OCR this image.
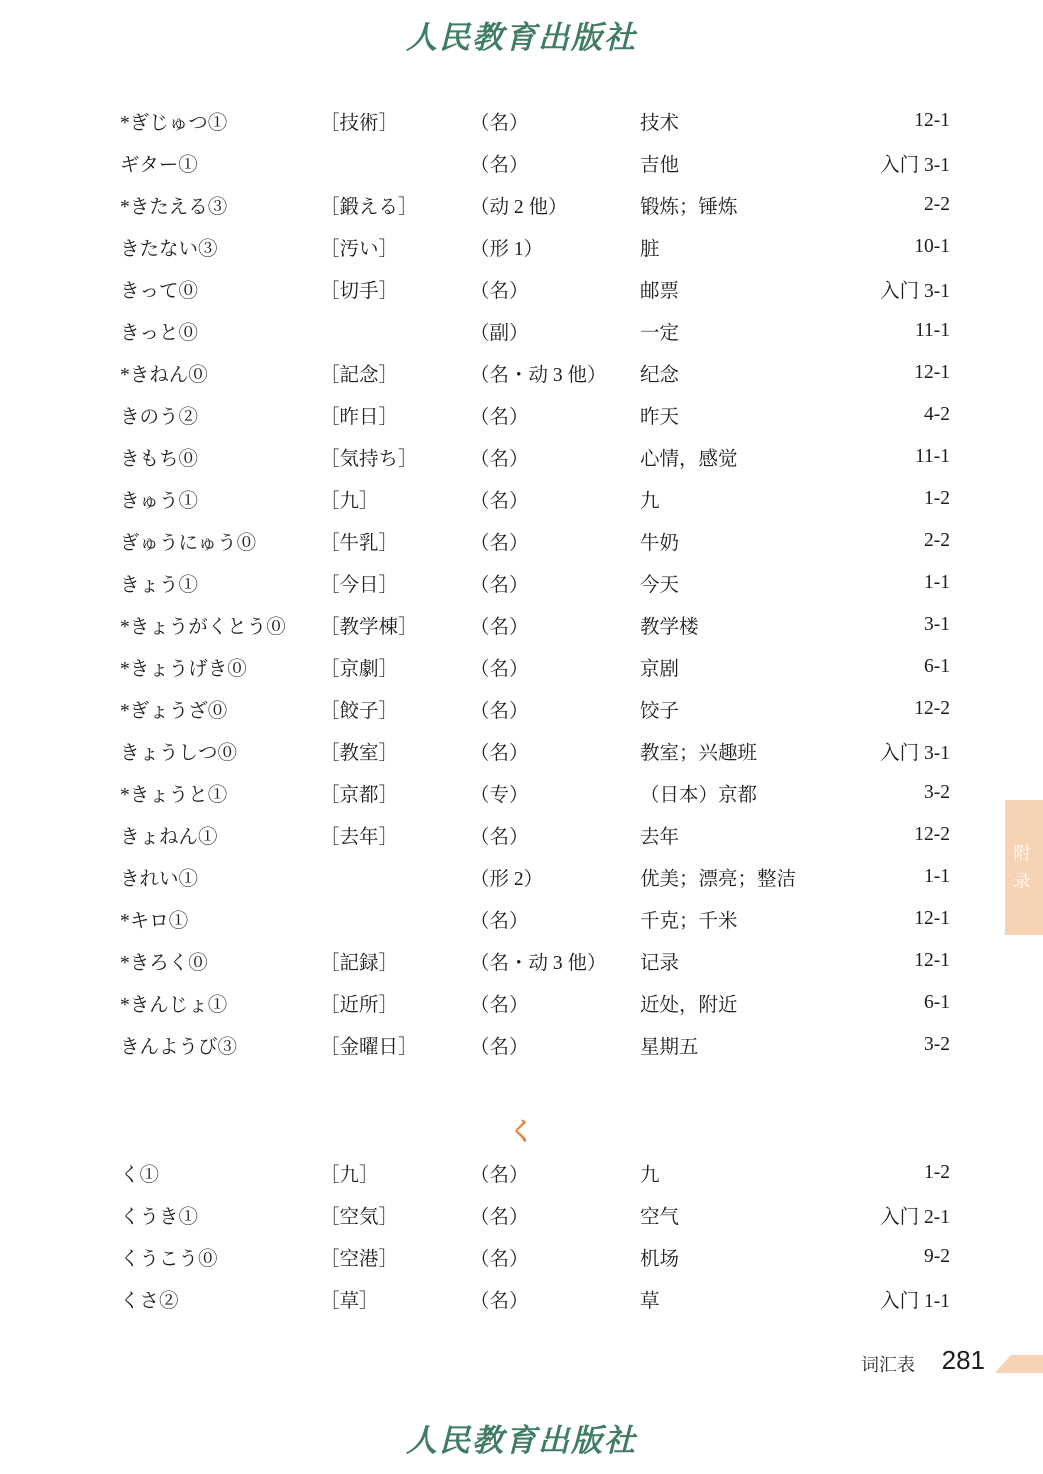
人民教育出版社
*ぎじゅつ①	［技術］	（名）	技术	12-1
ギター①		（名）	吉他	入门 3-1
*きたえる③	［鍛える］	（动 2 他）	锻炼；锤炼	2-2
きたない③	［汚い］	（形 1）	脏	10-1
きって⓪	［切手］	（名）	邮票	入门 3-1
きっと⓪		（副）	一定	11-1
*きねん⓪	［記念］	（名・动 3 他）	纪念	12-1
きのう②	［昨日］	（名）	昨天	4-2
きもち⓪	［気持ち］	（名）	心情，感觉	11-1
きゅう①	［九］	（名）	九	1-2
ぎゅうにゅう⓪	［牛乳］	（名）	牛奶	2-2
きょう①	［今日］	（名）	今天	1-1
*きょうがくとう⓪	［教学棟］	（名）	教学楼	3-1
*きょうげき⓪	［京劇］	（名）	京剧	6-1
*ぎょうざ⓪	［餃子］	（名）	饺子	12-2
きょうしつ⓪	［教室］	（名）	教室；兴趣班	入门 3-1
*きょうと①	［京都］	（专）	（日本）京都	3-2
きょねん①	［去年］	（名）	去年	12-2
きれい①		（形 2）	优美；漂亮；整洁	1-1
*キロ①		（名）	千克；千米	12-1
*きろく⓪	［記録］	（名・动 3 他）	记录	12-1
*きんじょ①	［近所］	（名）	近处，附近	6-1
きんようび③	［金曜日］	（名）	星期五	3-2
く
く①	［九］	（名）	九	1-2
くうき①	［空気］	（名）	空气	入门 2-1
くうこう⓪	［空港］	（名）	机场	9-2
くさ②	［草］	（名）	草	入门 1-1
附
录
词汇表 281
人民教育出版社
